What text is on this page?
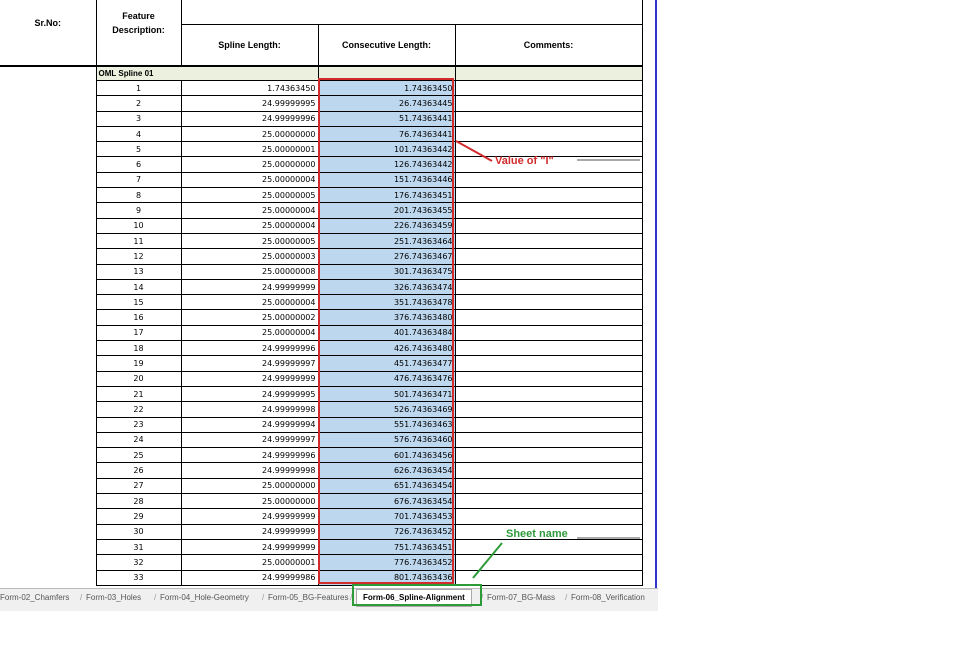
Sr.No:	Feature Description:	
		Spline Length:	Consecutive Length:	Comments:
	OML Spline 01			
	1	1.74363450	1.74363450	
	2	24.99999995	26.74363445	
	3	24.99999996	51.74363441	
	4	25.00000000	76.74363441	
	5	25.00000001	101.74363442	
	6	25.00000000	126.74363442	
	7	25.00000004	151.74363446	
	8	25.00000005	176.74363451	
	9	25.00000004	201.74363455	
	10	25.00000004	226.74363459	
	11	25.00000005	251.74363464	
	12	25.00000003	276.74363467	
	13	25.00000008	301.74363475	
	14	24.99999999	326.74363474	
	15	25.00000004	351.74363478	
	16	25.00000002	376.74363480	
	17	25.00000004	401.74363484	
	18	24.99999996	426.74363480	
	19	24.99999997	451.74363477	
	20	24.99999999	476.74363476	
	21	24.99999995	501.74363471	
	22	24.99999998	526.74363469	
	23	24.99999994	551.74363463	
	24	24.99999997	576.74363460	
	25	24.99999996	601.74363456	
	26	24.99999998	626.74363454	
	27	25.00000000	651.74363454	
	28	25.00000000	676.74363454	
	29	24.99999999	701.74363453	
	30	24.99999999	726.74363452	
	31	24.99999999	751.74363451	
	32	25.00000001	776.74363452	
	33	24.99999986	801.74363436	
Value of "I"
Sheet name
Form-02_Chamfers / Form-03_Holes / Form-04_Hole-Geometry / Form-05_BG-Features /	Form-06_Spline-Alignment	/ Form-07_BG-Mass / Form-08_Verification
